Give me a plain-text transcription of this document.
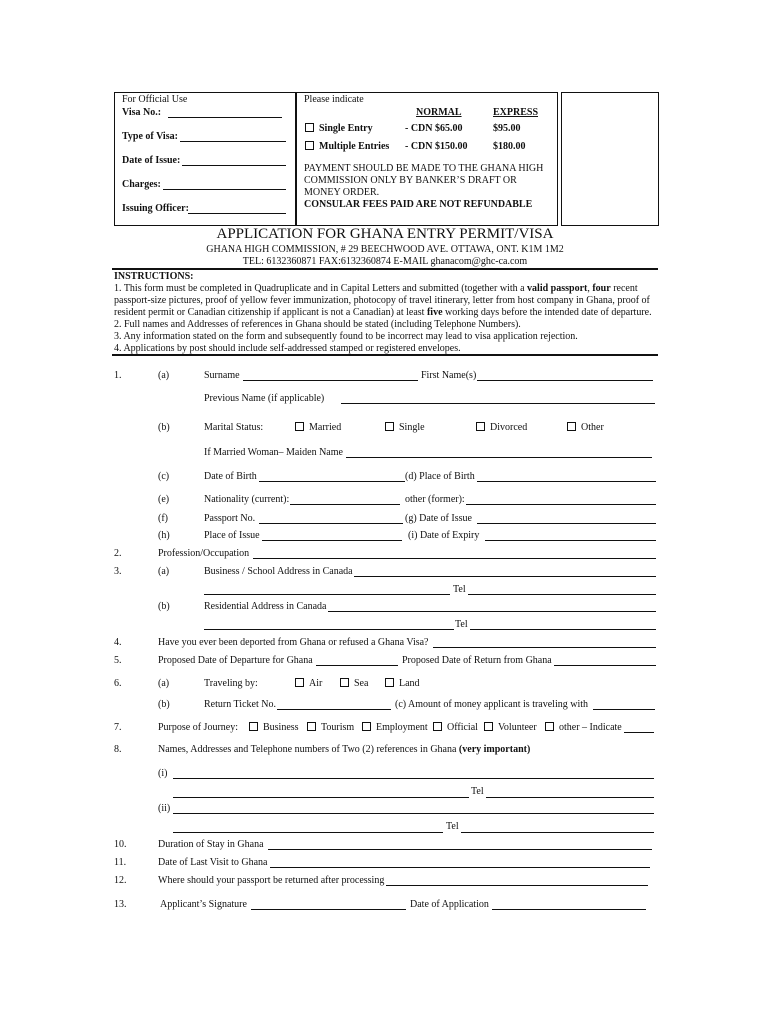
For Official Use
Visa No.:
Type of Visa:
Date of Issue:
Charges:
Issuing Officer:
Please indicate
NORMAL	EXPRESS
Single Entry	- CDN $65.00	$95.00
Multiple Entries - CDN $150.00	$180.00
PAYMENT SHOULD BE MADE TO THE GHANA HIGH
COMMISSION ONLY BY BANKER’S DRAFT OR
MONEY ORDER.
CONSULAR FEES PAID ARE NOT REFUNDABLE
APPLICATION FOR GHANA ENTRY PERMIT/VISA
GHANA HIGH COMMISSION, # 29 BEECHWOOD AVE. OTTAWA, ONT. K1M 1M2
TEL: 6132360871 FAX:6132360874 E-MAIL ghanacom@ghc-ca.com
INSTRUCTIONS:
1. This form must be completed in Quadruplicate and in Capital Letters and submitted (together with a valid passport, four recent
passport-size pictures, proof of yellow fever immunization, photocopy of travel itinerary, letter from host company in Ghana, proof of
resident permit or Canadian citizenship if applicant is not a Canadian) at least five working days before the intended date of departure.
2. Full names and Addresses of references in Ghana should be stated (including Telephone Numbers).
3. Any information stated on the form and subsequently found to be incorrect may lead to visa application rejection.
4. Applications by post should include self-addressed stamped or registered envelopes.
1.	(a)	Surname	First Name(s)
Previous Name (if applicable)
(b)	Marital Status:	Married	Single	Divorced	Other
If Married Woman– Maiden Name
(c)	Date of Birth	(d) Place of Birth
(e)	Nationality (current):	other (former):
(f)	Passport No.	(g) Date of Issue
(h)	Place of Issue	(i) Date of Expiry
2.	Profession/Occupation
3.	(a)	Business / School Address in Canada
Tel
(b)	Residential Address in Canada
Tel
4.	Have you ever been deported from Ghana or refused a Ghana Visa?
5.	Proposed Date of Departure for Ghana	Proposed Date of Return from Ghana
6.	(a)	Traveling by:	Air	Sea	Land
(b)	Return Ticket No.	(c) Amount of money applicant is traveling with
7.	Purpose of Journey:	Business	Tourism	Employment	Official	Volunteer	other – Indicate
8.	Names, Addresses and Telephone numbers of Two (2) references in Ghana (very important)
(i)
Tel
(ii)
Tel
10.	Duration of Stay in Ghana
11.	Date of Last Visit to Ghana
12.	Where should your passport be returned after processing
13.	Applicant’s Signature	Date of Application
